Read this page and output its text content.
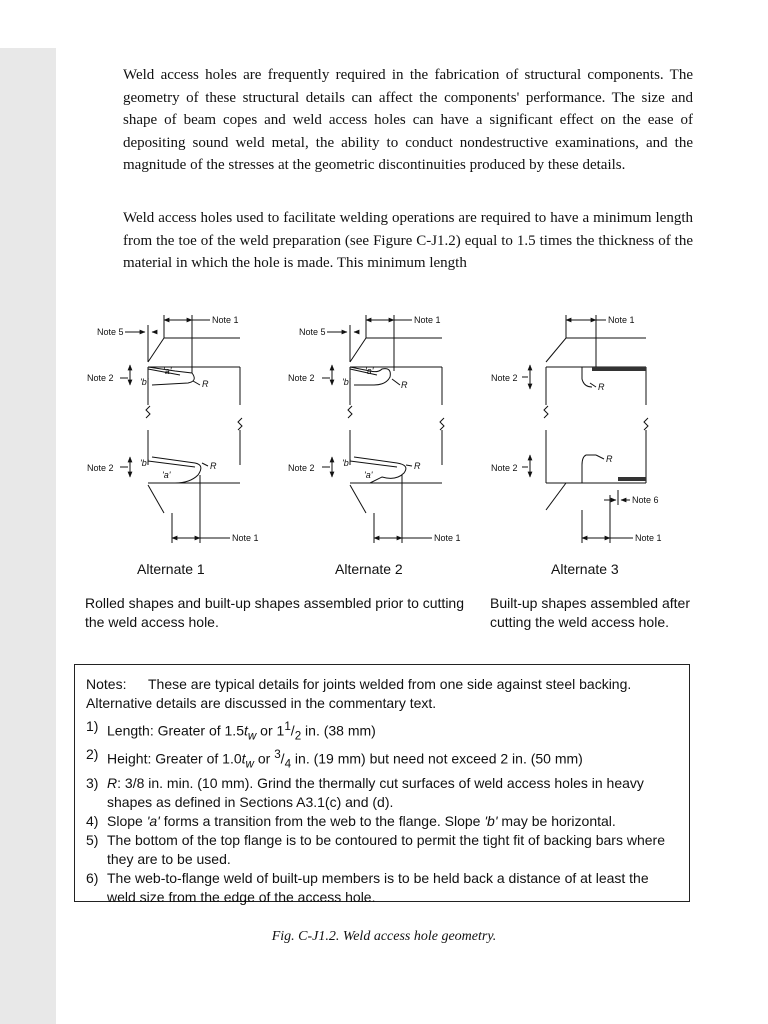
Weld access holes are frequently required in the fabrication of structural components. The geometry of these structural details can affect the components' performance. The size and shape of beam copes and weld access holes can have a significant effect on the ease of depositing sound weld metal, the ability to conduct nondestructive examinations, and the magnitude of the stresses at the geometric discontinuities produced by these details.

Weld access holes used to facilitate welding operations are required to have a minimum length from the toe of the weld preparation (see Figure C-J1.2) equal to 1.5 times the thickness of the material in which the hole is made. This minimum length

Note 1
Note 5
Note 2
Note 2
'a'
'b'	R
'b'
'a'
R
Note 1
Note 1
Note 5
Note 2
Note 2
'a'
'b'	R
'b'
'a'
R
Note 1
Note 1
Note 2
Note 2
R
R
Note 6
Note 1
Alternate 1	Alternate 2	Alternate 3
Rolled shapes and built-up shapes assembled prior to cutting the weld access hole.
Built-up shapes assembled after cutting the weld access hole.

Notes: These are typical details for joints welded from one side against steel backing. Alternative details are discussed in the commentary text.

1) Length: Greater of $1.5t_w$ or $1^1/_2$ in. (38 mm)
2) Height: Greater of $1.0t_w$ or $^3/_4$ in. (19 mm) but need not exceed 2 in. (50 mm)
3) R: 3/8 in. min. (10 mm). Grind the thermally cut surfaces of weld access holes in heavy shapes as defined in Sections A3.1(c) and (d).
4) Slope 'a' forms a transition from the web to the flange. Slope 'b' may be horizontal.
5) The bottom of the top flange is to be contoured to permit the tight fit of backing bars where they are to be used.
6) The web-to-flange weld of built-up members is to be held back a distance of at least the weld size from the edge of the access hole.
Fig. C-J1.2. Weld access hole geometry.
